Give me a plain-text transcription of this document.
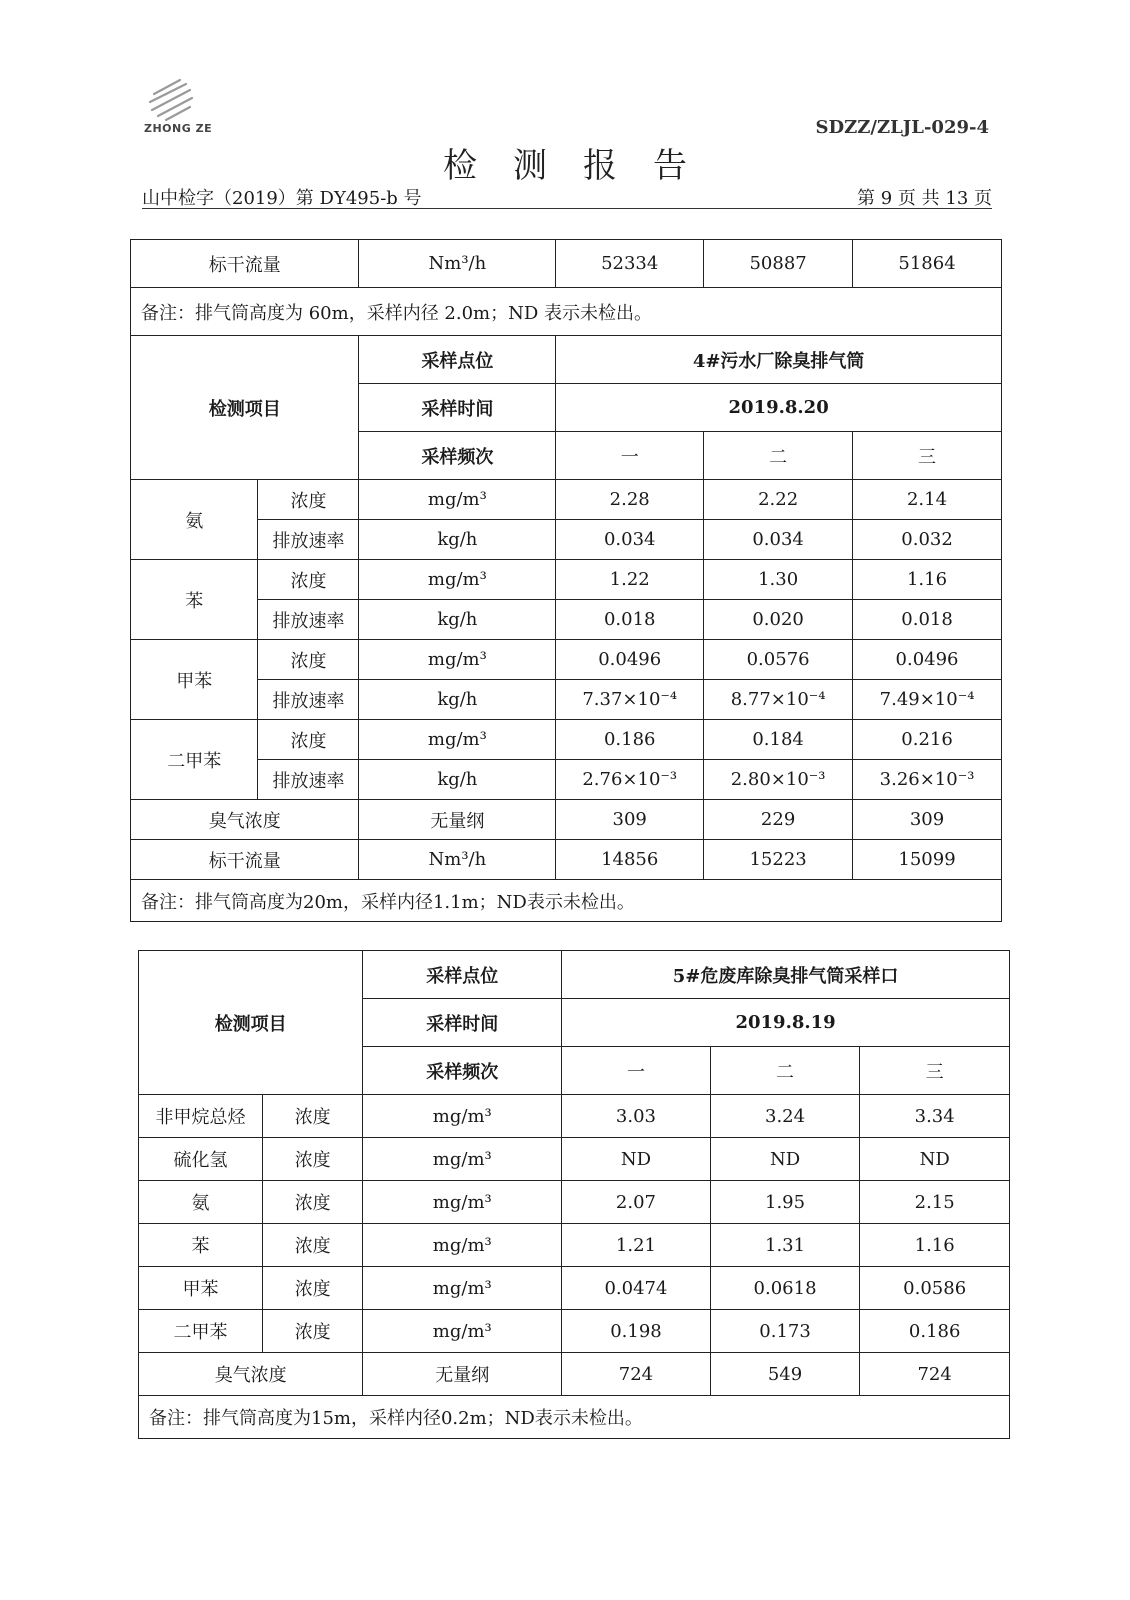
ZHONG ZE	SDZZ/ZLJL-029-4
检测报告
山中检字（2019）第 DY495-b 号	第 9 页 共 13 页
标干流量		Nm³/h	52334	50887	51864
备注：排气筒高度为 60m，采样内径 2.0m；ND 表示未检出。					
检测项目		采样点位	4#污水厂除臭排气筒		
		采样时间	2019.8.20		
		采样频次	一	二	三
氨	浓度	mg/m³	2.28	2.22	2.14
	排放速率	kg/h	0.034	0.034	0.032
苯	浓度	mg/m³	1.22	1.30	1.16
	排放速率	kg/h	0.018	0.020	0.018
甲苯	浓度	mg/m³	0.0496	0.0576	0.0496
	排放速率	kg/h	7.37×10⁻⁴	8.77×10⁻⁴	7.49×10⁻⁴
二甲苯	浓度	mg/m³	0.186	0.184	0.216
	排放速率	kg/h	2.76×10⁻³	2.80×10⁻³	3.26×10⁻³
臭气浓度		无量纲	309	229	309
标干流量		Nm³/h	14856	15223	15099
备注：排气筒高度为20m，采样内径1.1m；ND表示未检出。					
检测项目		采样点位	5#危废库除臭排气筒采样口		
		采样时间	2019.8.19		
		采样频次	一	二	三
非甲烷总烃	浓度	mg/m³	3.03	3.24	3.34
硫化氢	浓度	mg/m³	ND	ND	ND
氨	浓度	mg/m³	2.07	1.95	2.15
苯	浓度	mg/m³	1.21	1.31	1.16
甲苯	浓度	mg/m³	0.0474	0.0618	0.0586
二甲苯	浓度	mg/m³	0.198	0.173	0.186
臭气浓度		无量纲	724	549	724
备注：排气筒高度为15m，采样内径0.2m；ND表示未检出。					
